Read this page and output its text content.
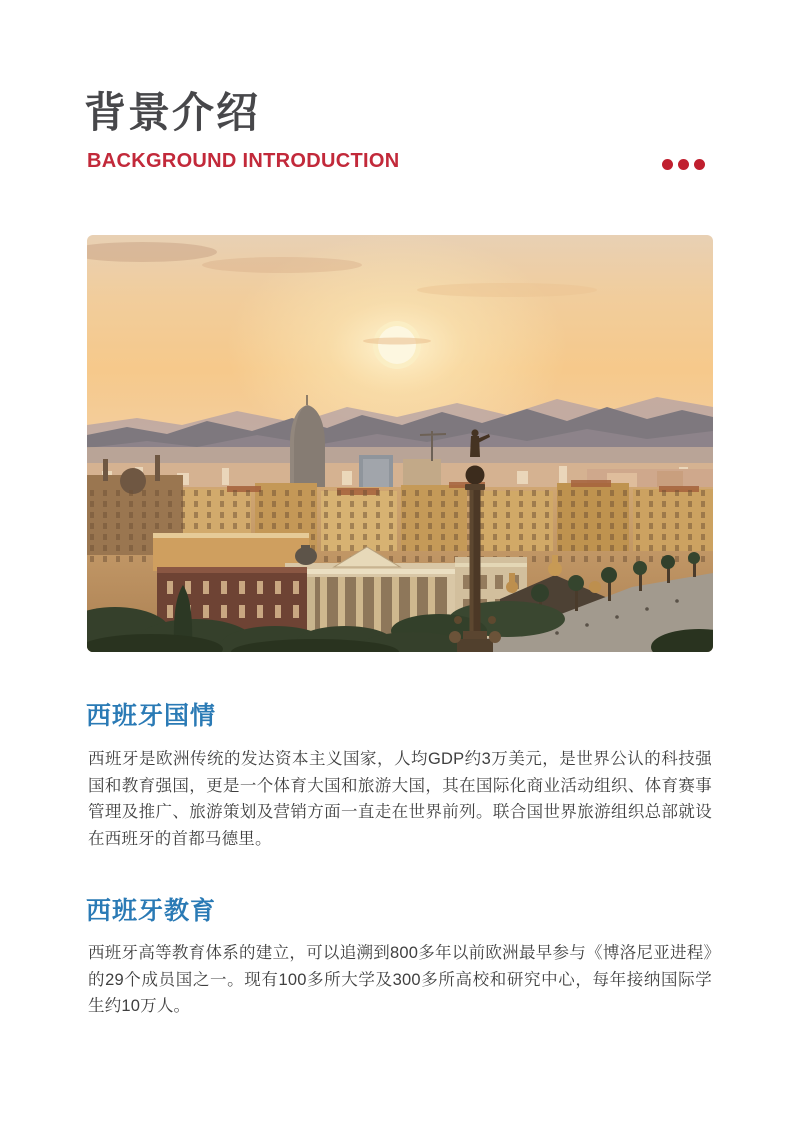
背景介绍
BACKGROUND INTRODUCTION
西班牙国情

西班牙是欧洲传统的发达资本主义国家，人均GDP约3万美元，是世界公认的科技强国和教育强国，更是一个体育大国和旅游大国，其在国际化商业活动组织、体育赛事管理及推广、旅游策划及营销方面一直走在世界前列。联合国世界旅游组织总部就设在西班牙的首都马德里。

西班牙教育

西班牙高等教育体系的建立，可以追溯到800多年以前欧洲最早参与《博洛尼亚进程》的29个成员国之一。现有100多所大学及300多所高校和研究中心，每年接纳国际学生约10万人。
